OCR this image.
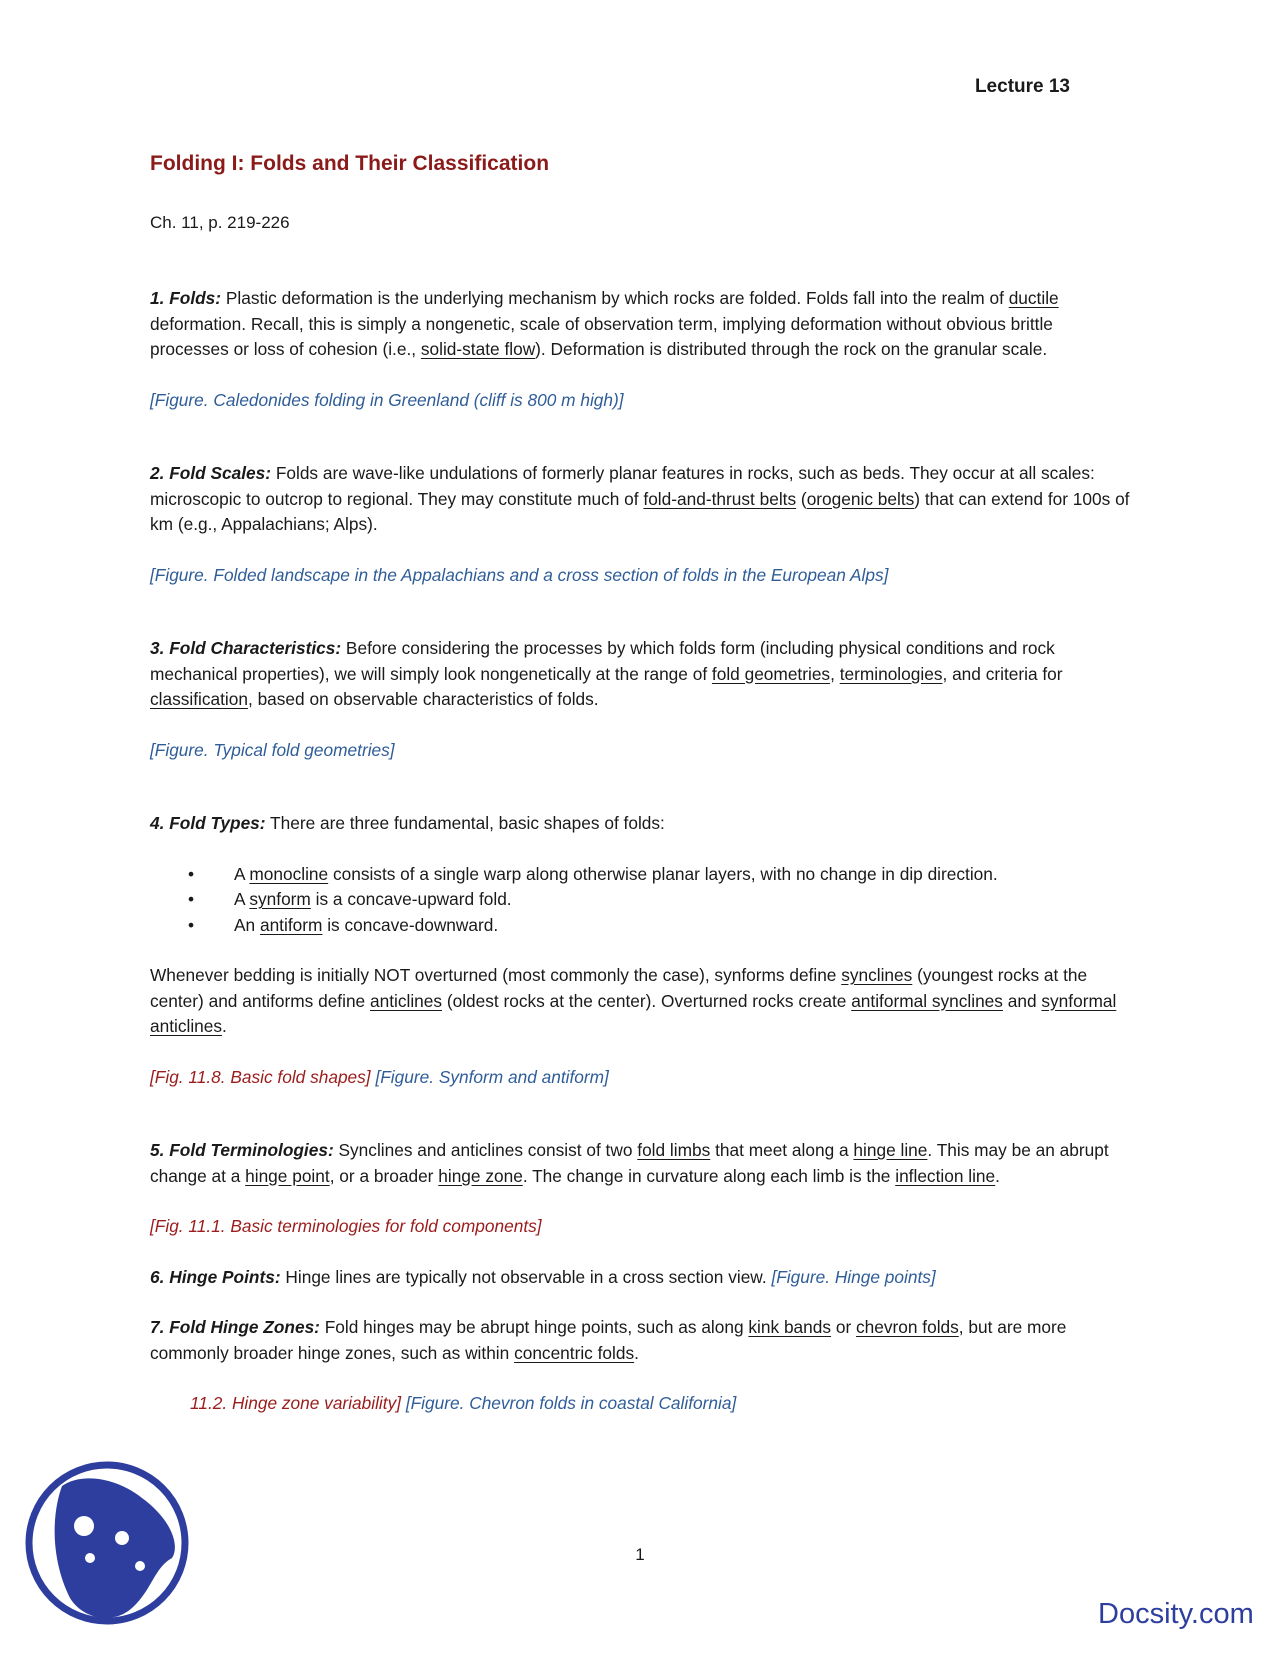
Lecture 13
Folding I: Folds and Their Classification
Ch. 11, p. 219-226

1. Folds: Plastic deformation is the underlying mechanism by which rocks are folded. Folds fall into the realm of ductile deformation. Recall, this is simply a nongenetic, scale of observation term, implying deformation without obvious brittle processes or loss of cohesion (i.e., solid-state flow). Deformation is distributed through the rock on the granular scale.

[Figure. Caledonides folding in Greenland (cliff is 800 m high)]

2. Fold Scales: Folds are wave-like undulations of formerly planar features in rocks, such as beds. They occur at all scales: microscopic to outcrop to regional. They may constitute much of fold-and-thrust belts (orogenic belts) that can extend for 100s of km (e.g., Appalachians; Alps).

[Figure. Folded landscape in the Appalachians and a cross section of folds in the European Alps]

3. Fold Characteristics: Before considering the processes by which folds form (including physical conditions and rock mechanical properties), we will simply look nongenetically at the range of fold geometries, terminologies, and criteria for classification, based on observable characteristics of folds.

[Figure. Typical fold geometries]

4. Fold Types: There are three fundamental, basic shapes of folds:

• A monocline consists of a single warp along otherwise planar layers, with no change in dip direction.
• A synform is a concave-upward fold.
• An antiform is concave-downward.

Whenever bedding is initially NOT overturned (most commonly the case), synforms define synclines (youngest rocks at the center) and antiforms define anticlines (oldest rocks at the center). Overturned rocks create antiformal synclines and synformal anticlines.

[Fig. 11.8. Basic fold shapes] [Figure. Synform and antiform]

5. Fold Terminologies: Synclines and anticlines consist of two fold limbs that meet along a hinge line. This may be an abrupt change at a hinge point, or a broader hinge zone. The change in curvature along each limb is the inflection line.

[Fig. 11.1. Basic terminologies for fold components]

6. Hinge Points: Hinge lines are typically not observable in a cross section view. [Figure. Hinge points]

7. Fold Hinge Zones: Fold hinges may be abrupt hinge points, such as along kink bands or chevron folds, but are more commonly broader hinge zones, such as within concentric folds.

11.2. Hinge zone variability] [Figure. Chevron folds in coastal California]

1
Docsity.com
